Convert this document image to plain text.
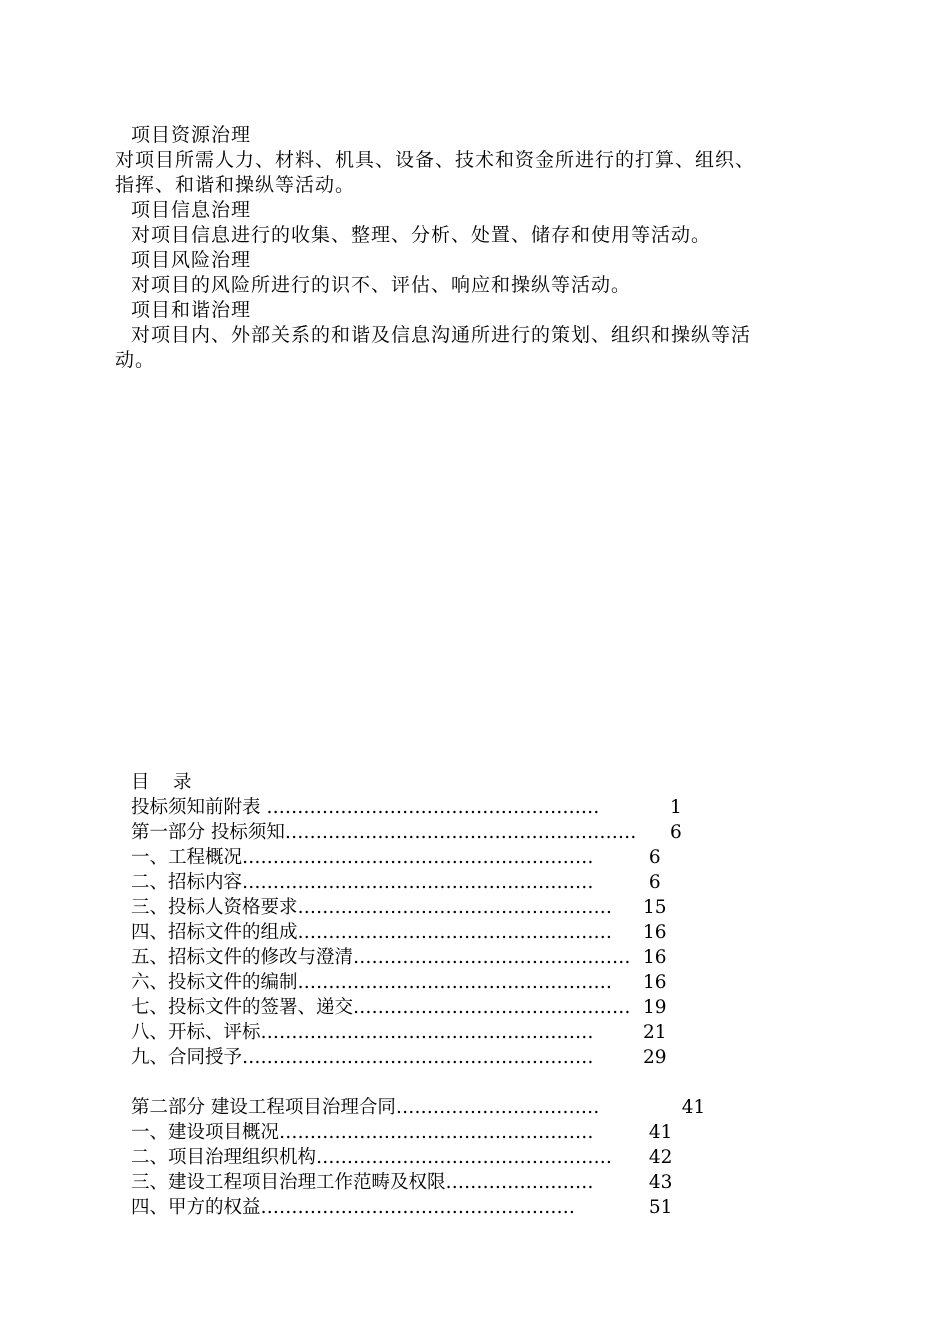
项目资源治理
对项目所需人力、材料、机具、设备、技术和资金所进行的打算、组织、
指挥、和谐和操纵等活动。
项目信息治理
对项目信息进行的收集、整理、分析、处置、储存和使用等活动。
项目风险治理
对项目的风险所进行的识不、评估、响应和操纵等活动。
项目和谐治理
对项目内、外部关系的和谐及信息沟通所进行的策划、组织和操纵等活
动。
目    录
投标须知前附表 ………………………………………………	1
第一部分 投标须知…………………………………………………	6
一、工程概况…………………………………………………	6
二、招标内容…………………………………………………	6
三、投标人资格要求……………………………………………	15
四、招标文件的组成……………………………………………	16
五、招标文件的修改与澄清……………………………………… 16
六、投标文件的编制……………………………………………	16
七、投标文件的签署、递交……………………………………… 19
八、开标、评标………………………………………………	21
九、合同授予…………………………………………………	29
第二部分 建设工程项目治理合同……………………………	41
一、建设项目概况……………………………………………	41
二、项目治理组织机构…………………………………………	42
三、建设工程项目治理工作范畴及权限……………………	43
四、甲方的权益……………………………………………	51
